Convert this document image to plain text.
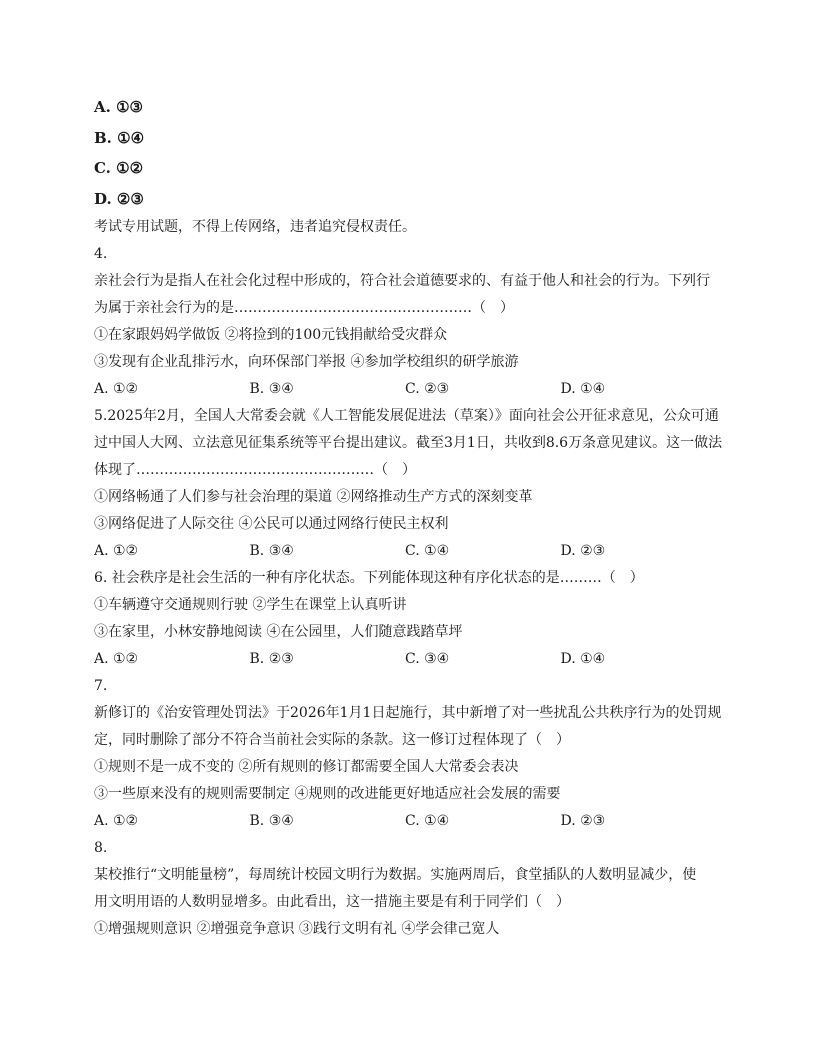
A. ①③
B. ①④
C. ①②
D. ②③
考试专用试题，不得上传网络，违者追究侵权责任。
4.
亲社会行为是指人在社会化过程中形成的，符合社会道德要求的、有益于他人和社会的行为。下列行
为属于亲社会行为的是……………………………………………（　）
①在家跟妈妈学做饭 ②将捡到的100元钱捐献给受灾群众
③发现有企业乱排污水，向环保部门举报 ④参加学校组织的研学旅游
A. ①②	B. ③④	C. ②③	D. ①④
5.2025年2月，全国人大常委会就《人工智能发展促进法（草案）》面向社会公开征求意见，公众可通
过中国人大网、立法意见征集系统等平台提出建议。截至3月1日，共收到8.6万条意见建议。这一做法
体现了……………………………………………（　）
①网络畅通了人们参与社会治理的渠道 ②网络推动生产方式的深刻变革
③网络促进了人际交往 ④公民可以通过网络行使民主权利
A. ①②	B. ③④	C. ①④	D. ②③
6. 社会秩序是社会生活的一种有序化状态。下列能体现这种有序化状态的是………（　）
①车辆遵守交通规则行驶 ②学生在课堂上认真听讲
③在家里，小林安静地阅读 ④在公园里，人们随意践踏草坪
A. ①②	B. ②③	C. ③④	D. ①④
7.
新修订的《治安管理处罚法》于2026年1月1日起施行，其中新增了对一些扰乱公共秩序行为的处罚规
定，同时删除了部分不符合当前社会实际的条款。这一修订过程体现了（　）
①规则不是一成不变的 ②所有规则的修订都需要全国人大常委会表决
③一些原来没有的规则需要制定 ④规则的改进能更好地适应社会发展的需要
A. ①②	B. ③④	C. ①④	D. ②③
8.
某校推行“文明能量榜”，每周统计校园文明行为数据。实施两周后，食堂插队的人数明显减少，使
用文明用语的人数明显增多。由此看出，这一措施主要是有利于同学们（　）
①增强规则意识 ②增强竞争意识 ③践行文明有礼 ④学会律己宽人
